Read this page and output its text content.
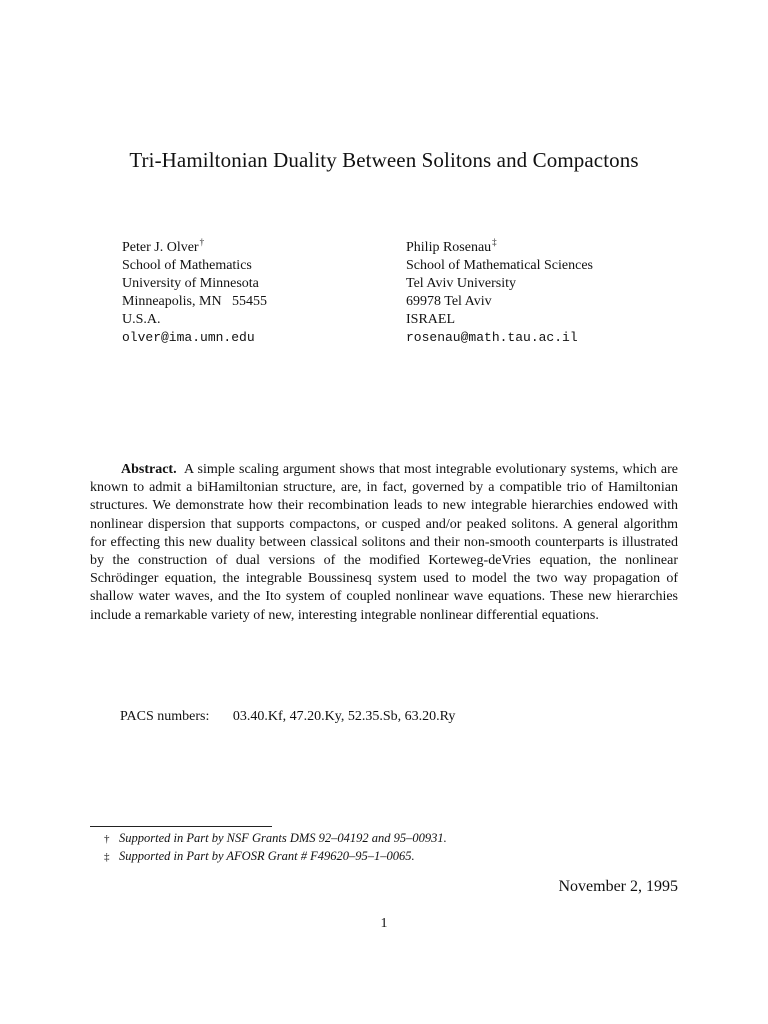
Tri-Hamiltonian Duality Between Solitons and Compactons
Peter J. Olver†
School of Mathematics
University of Minnesota
Minneapolis, MN   55455
U.S.A.
olver@ima.umn.edu
Philip Rosenau‡
School of Mathematical Sciences
Tel Aviv University
69978 Tel Aviv
ISRAEL
rosenau@math.tau.ac.il
Abstract. A simple scaling argument shows that most integrable evolutionary systems, which are known to admit a biHamiltonian structure, are, in fact, governed by a compatible trio of Hamiltonian structures. We demonstrate how their recombination leads to new integrable hierarchies endowed with nonlinear dispersion that supports compactons, or cusped and/or peaked solitons. A general algorithm for effecting this new duality between classical solitons and their non-smooth counterparts is illustrated by the construction of dual versions of the modified Korteweg-deVries equation, the nonlinear Schrödinger equation, the integrable Boussinesq system used to model the two way propagation of shallow water waves, and the Ito system of coupled nonlinear wave equations. These new hierarchies include a remarkable variety of new, interesting integrable nonlinear differential equations.
PACS numbers: 03.40.Kf, 47.20.Ky, 52.35.Sb, 63.20.Ry
† Supported in Part by NSF Grants DMS 92–04192 and 95–00931.
‡ Supported in Part by AFOSR Grant # F49620–95–1–0065.
November 2, 1995
1
